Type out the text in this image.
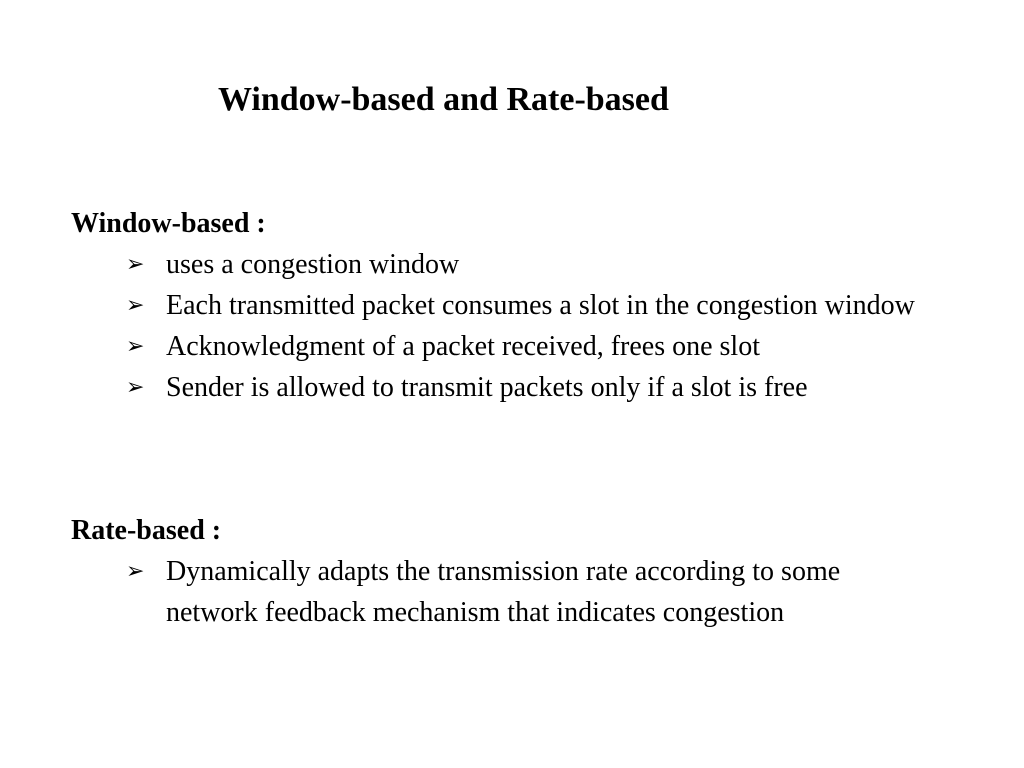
Window-based and Rate-based
Window-based :
➢ uses a congestion window
➢ Each transmitted packet consumes a slot in the congestion window
➢ Acknowledgment of a packet received, frees one slot
➢ Sender is allowed to transmit packets only if a slot is free
Rate-based :
➢ Dynamically adapts the transmission rate according to some network feedback mechanism that indicates congestion
